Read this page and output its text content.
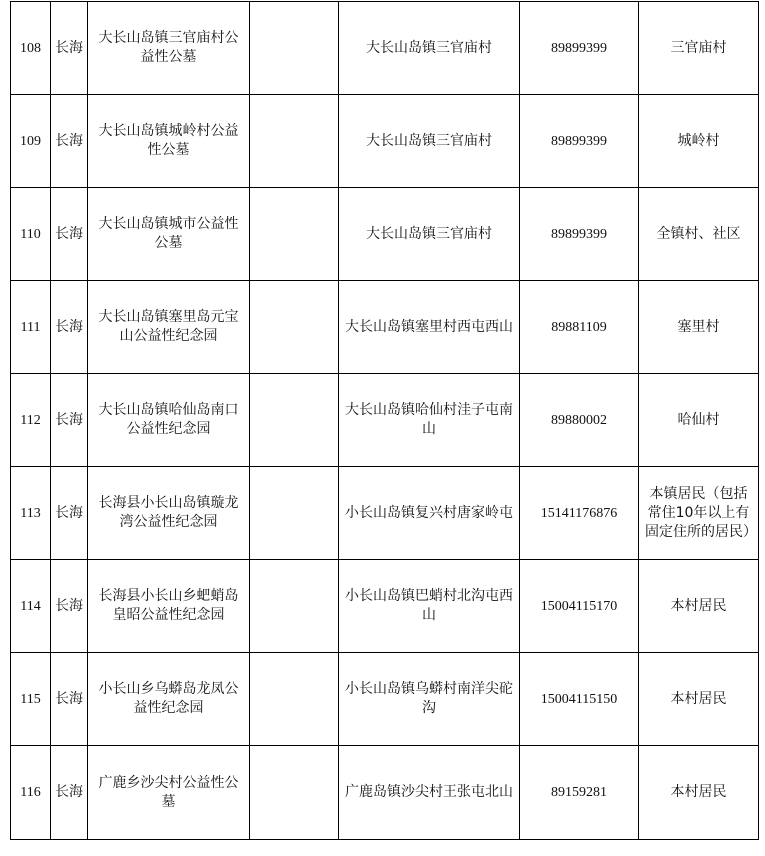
108	长海	大长山岛镇三官庙村公益性公墓		大长山岛镇三官庙村	89899399	三官庙村
109	长海	大长山岛镇城岭村公益性公墓		大长山岛镇三官庙村	89899399	城岭村
110	长海	大长山岛镇城市公益性公墓		大长山岛镇三官庙村	89899399	全镇村、社区
111	长海	大长山岛镇塞里岛元宝山公益性纪念园		大长山岛镇塞里村西屯西山	89881109	塞里村
112	长海	大长山岛镇哈仙岛南口公益性纪念园		大长山岛镇哈仙村洼子屯南山	89880002	哈仙村
113	长海	长海县小长山岛镇璇龙湾公益性纪念园		小长山岛镇复兴村唐家岭屯	15141176876	本镇居民（包括常住10年以上有固定住所的居民）
114	长海	长海县小长山乡蚆蛸岛皇昭公益性纪念园		小长山岛镇巴蛸村北沟屯西山	15004115170	本村居民
115	长海	小长山乡乌蟒岛龙凤公益性纪念园		小长山岛镇乌蟒村南洋尖砣沟	15004115150	本村居民
116	长海	广鹿乡沙尖村公益性公墓		广鹿岛镇沙尖村王张屯北山	89159281	本村居民
